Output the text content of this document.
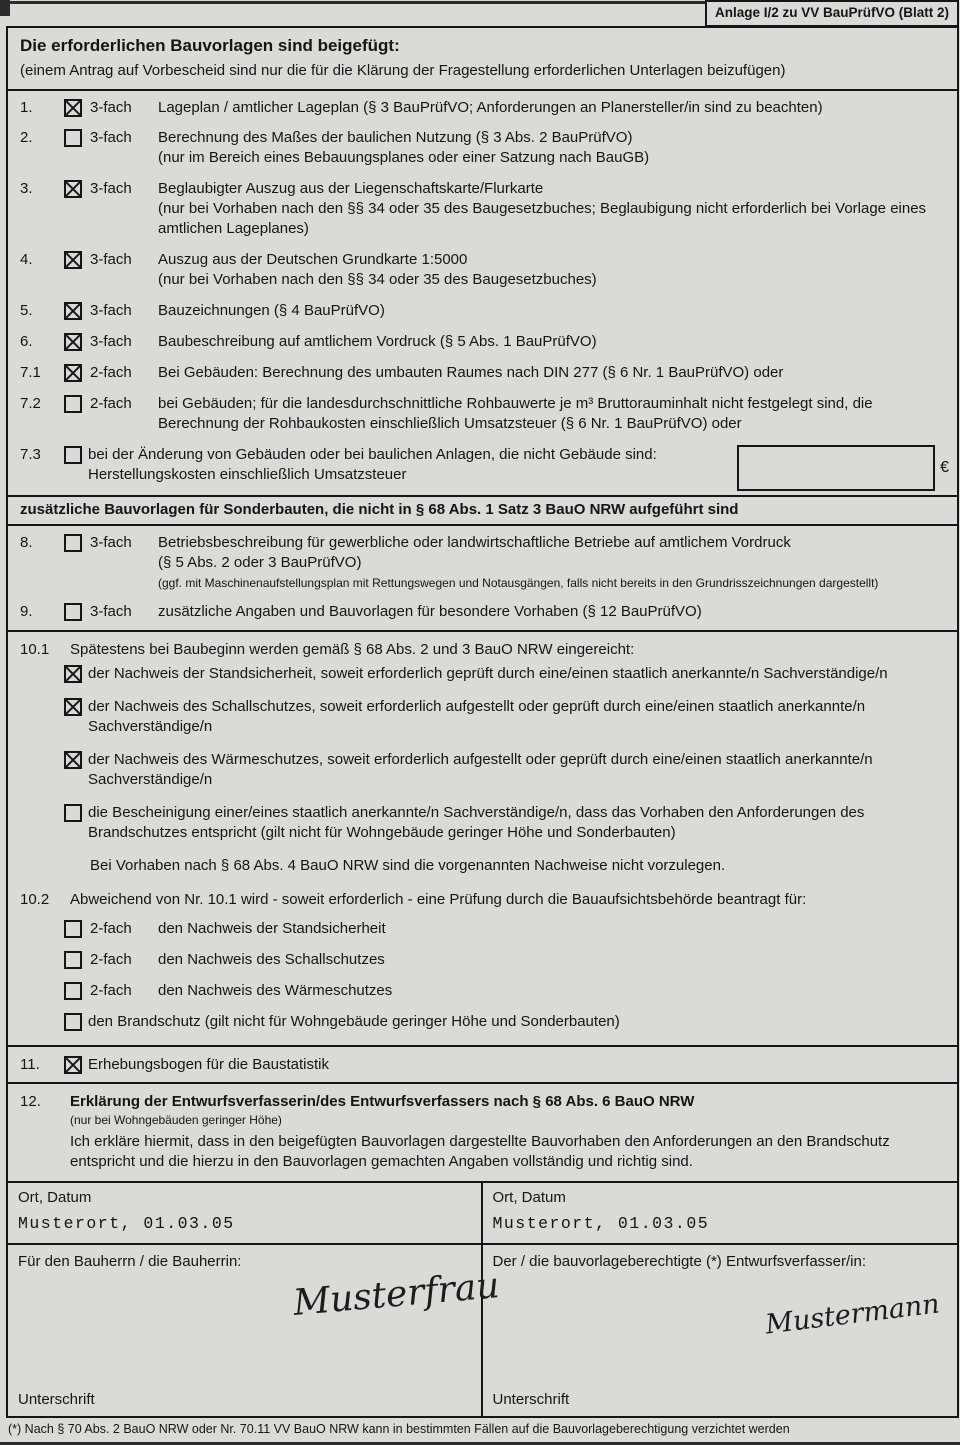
Anlage I/2 zu VV BauPrüfVO (Blatt 2)
Die erforderlichen Bauvorlagen sind beigefügt:
(einem Antrag auf Vorbescheid sind nur die für die Klärung der Fragestellung erforderlichen Unterlagen beizufügen)
1.	3-fach	Lageplan / amtlicher Lageplan (§ 3 BauPrüfVO; Anforderungen an Planersteller/in sind zu beachten)
2.	3-fach	Berechnung des Maßes der baulichen Nutzung (§ 3 Abs. 2 BauPrüfVO)
(nur im Bereich eines Bebauungsplanes oder einer Satzung nach BauGB)
3.	3-fach	Beglaubigter Auszug aus der Liegenschaftskarte/Flurkarte
(nur bei Vorhaben nach den §§ 34 oder 35 des Baugesetzbuches; Beglaubigung nicht erforderlich bei Vorlage eines amtlichen Lageplanes)
4.	3-fach	Auszug aus der Deutschen Grundkarte 1:5000
(nur bei Vorhaben nach den §§ 34 oder 35 des Baugesetzbuches)
5.	3-fach	Bauzeichnungen (§ 4 BauPrüfVO)
6.	3-fach	Baubeschreibung auf amtlichem Vordruck (§ 5 Abs. 1 BauPrüfVO)
7.1	2-fach	Bei Gebäuden: Berechnung des umbauten Raumes nach DIN 277 (§ 6 Nr. 1 BauPrüfVO) oder
7.2	2-fach	bei Gebäuden; für die landesdurchschnittliche Rohbauwerte je m³ Bruttorauminhalt nicht festgelegt sind, die Berechnung der Rohbaukosten einschließlich Umsatzsteuer (§ 6 Nr. 1 BauPrüfVO) oder
7.3	bei der Änderung von Gebäuden oder bei baulichen Anlagen, die nicht Gebäude sind: Herstellungskosten einschließlich Umsatzsteuer	€
zusätzliche Bauvorlagen für Sonderbauten, die nicht in § 68 Abs. 1 Satz 3 BauO NRW aufgeführt sind
8.	3-fach	Betriebsbeschreibung für gewerbliche oder landwirtschaftliche Betriebe auf amtlichem Vordruck
(§ 5 Abs. 2 oder 3 BauPrüfVO)
(ggf. mit Maschinenaufstellungsplan mit Rettungswegen und Notausgängen, falls nicht bereits in den Grundrisszeichnungen dargestellt)
9.	3-fach	zusätzliche Angaben und Bauvorlagen für besondere Vorhaben (§ 12 BauPrüfVO)
10.1	Spätestens bei Baubeginn werden gemäß § 68 Abs. 2 und 3 BauO NRW eingereicht:
der Nachweis der Standsicherheit, soweit erforderlich geprüft durch eine/einen staatlich anerkannte/n Sachverständige/n
der Nachweis des Schallschutzes, soweit erforderlich aufgestellt oder geprüft durch eine/einen staatlich anerkannte/n Sachverständige/n
der Nachweis des Wärmeschutzes, soweit erforderlich aufgestellt oder geprüft durch eine/einen staatlich anerkannte/n Sachverständige/n
die Bescheinigung einer/eines staatlich anerkannte/n Sachverständige/n, dass das Vorhaben den Anforderungen des Brandschutzes entspricht (gilt nicht für Wohngebäude geringer Höhe und Sonderbauten)
Bei Vorhaben nach § 68 Abs. 4 BauO NRW sind die vorgenannten Nachweise nicht vorzulegen.
10.2	Abweichend von Nr. 10.1 wird - soweit erforderlich - eine Prüfung durch die Bauaufsichtsbehörde beantragt für:
2-fach	den Nachweis der Standsicherheit
2-fach	den Nachweis des Schallschutzes
2-fach	den Nachweis des Wärmeschutzes
den Brandschutz (gilt nicht für Wohngebäude geringer Höhe und Sonderbauten)
11.	Erhebungsbogen für die Baustatistik
12.	Erklärung der Entwurfsverfasserin/des Entwurfsverfassers nach § 68 Abs. 6 BauO NRW
(nur bei Wohngebäuden geringer Höhe)
Ich erkläre hiermit, dass in den beigefügten Bauvorlagen dargestellte Bauvorhaben den Anforderungen an den Brandschutz entspricht und die hierzu in den Bauvorlagen gemachten Angaben vollständig und richtig sind.
Ort, Datum
Musterort, 01.03.05
Ort, Datum
Musterort, 01.03.05
Für den Bauherrn / die Bauherrin:
Musterfrau
Unterschrift
Der / die bauvorlageberechtigte (*) Entwurfsverfasser/in:
Mustermann
Unterschrift
(*) Nach § 70 Abs. 2 BauO NRW oder Nr. 70.11 VV BauO NRW kann in bestimmten Fällen auf die Bauvorlageberechtigung verzichtet werden
